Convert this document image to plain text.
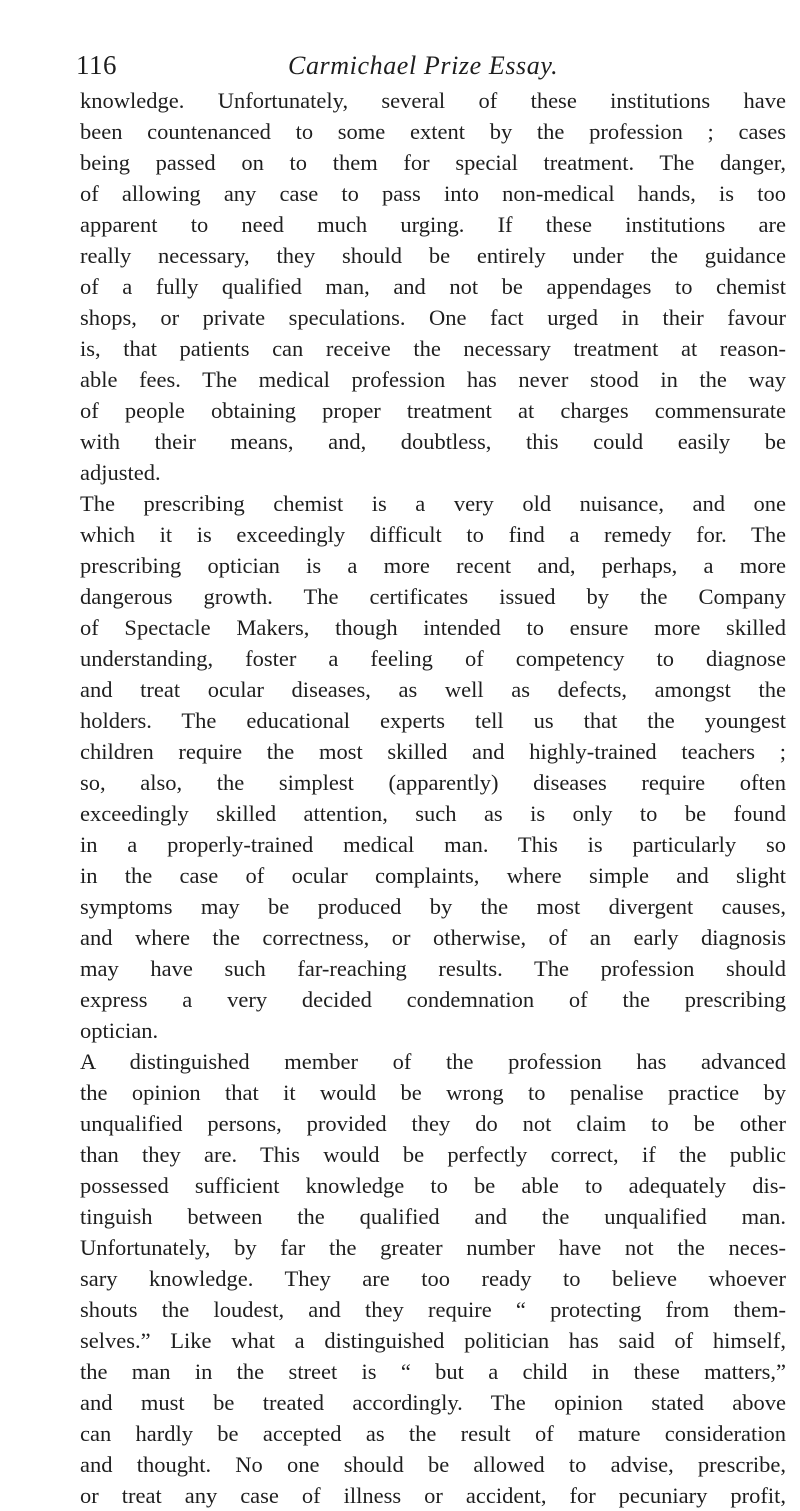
116	Carmichael Prize Essay.
knowledge. Unfortunately, several of these institutions have
been countenanced to some extent by the profession ; cases
being passed on to them for special treatment. The danger,
of allowing any case to pass into non-medical hands, is too
apparent to need much urging. If these institutions are
really necessary, they should be entirely under the guidance
of a fully qualified man, and not be appendages to chemist
shops, or private speculations. One fact urged in their favour
is, that patients can receive the necessary treatment at reason-
able fees. The medical profession has never stood in the way
of people obtaining proper treatment at charges commensurate
with their means, and, doubtless, this could easily be
adjusted.
The prescribing chemist is a very old nuisance, and one
which it is exceedingly difficult to find a remedy for. The
prescribing optician is a more recent and, perhaps, a more
dangerous growth. The certificates issued by the Company
of Spectacle Makers, though intended to ensure more skilled
understanding, foster a feeling of competency to diagnose
and treat ocular diseases, as well as defects, amongst the
holders. The educational experts tell us that the youngest
children require the most skilled and highly-trained teachers ;
so, also, the simplest (apparently) diseases require often
exceedingly skilled attention, such as is only to be found
in a properly-trained medical man. This is particularly so
in the case of ocular complaints, where simple and slight
symptoms may be produced by the most divergent causes,
and where the correctness, or otherwise, of an early diagnosis
may have such far-reaching results. The profession should
express a very decided condemnation of the prescribing
optician.
A distinguished member of the profession has advanced
the opinion that it would be wrong to penalise practice by
unqualified persons, provided they do not claim to be other
than they are. This would be perfectly correct, if the public
possessed sufficient knowledge to be able to adequately dis-
tinguish between the qualified and the unqualified man.
Unfortunately, by far the greater number have not the neces-
sary knowledge. They are too ready to believe whoever
shouts the loudest, and they require “ protecting from them-
selves.” Like what a distinguished politician has said of himself,
the man in the street is “ but a child in these matters,”
and must be treated accordingly. The opinion stated above
can hardly be accepted as the result of mature consideration
and thought. No one should be allowed to advise, prescribe,
or treat any case of illness or accident, for pecuniary profit,
